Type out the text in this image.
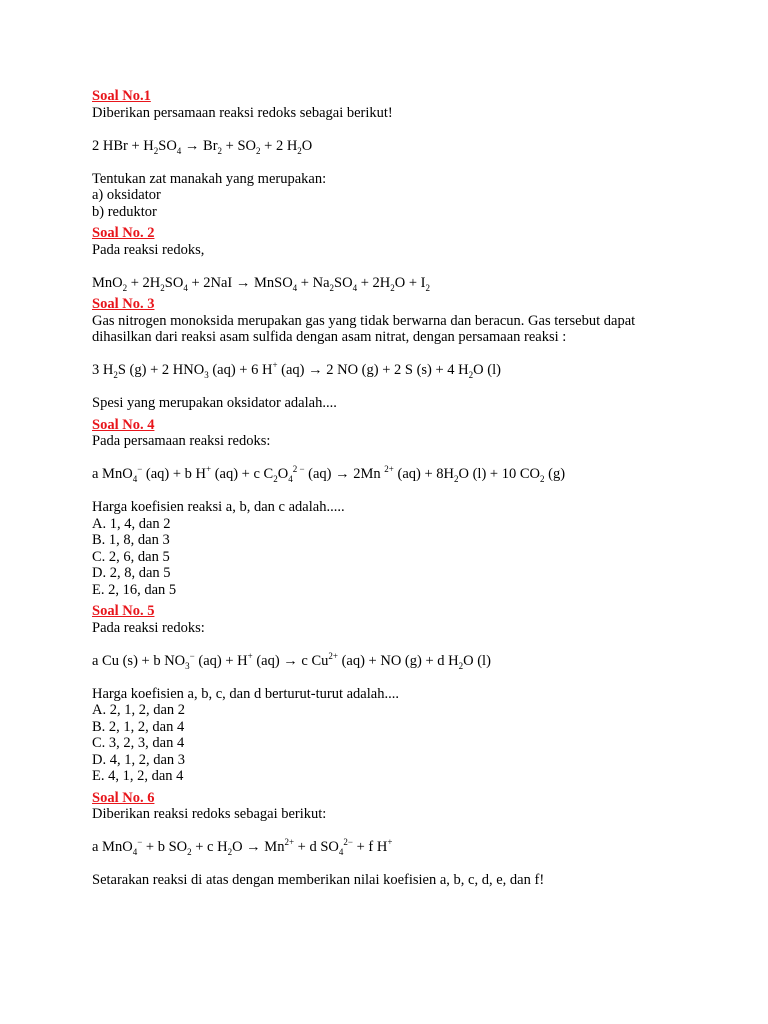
Soal No.1
Diberikan persamaan reaksi redoks sebagai berikut!
2 HBr + $H_2SO_4 \to Br_2 + SO_2 + 2$ $H_2O$
Tentukan zat manakah yang merupakan:
a) oksidator
b) reduktor
Soal No. 2
Pada reaksi redoks,
$MnO_2 + 2H_2SO_4 + 2NaI$ → MnSO$_4$ + $Na_2SO_4 + 2H_2O + I_2$
Soal No. 3
Gas nitrogen monoksida merupakan gas yang tidak berwarna dan beracun. Gas tersebut dapat dihasilkan dari reaksi asam sulfida dengan asam nitrat, dengan persamaan reaksi :
3 $H_2S$ (g) + 2 $HNO_3$ (aq) + 6 H+ (aq) → 2 NO (g) + 2 S (s) + 4 $H_2O$ (l)
Spesi yang merupakan oksidator adalah....
Soal No. 4
Pada persamaan reaksi redoks:
a MnO$_4$− (aq) + b H+ (aq) + c $C_2O_4^{2 -}$ (aq) → 2Mn $^{2+}$ $(aq) + 8H_2O$ (l) + 10 $CO_2$ (g)
Harga koefisien reaksi a, b, dan c adalah.....
A. 1, 4, dan 2
B. 1, 8, dan 3
C. 2, 6, dan 5
D. 2, 8, dan 5
E. 2, 16, dan 5
Soal No. 5
Pada reaksi redoks:
a Cu (s) + b $NO_3^-$ (aq) + H+ (aq) → c $Cu^{2+}$ (aq) + NO (g) + d $H_2O$ (l)
Harga koefisien a, b, c, dan d berturut-turut adalah....
A. 2, 1, 2, dan 2
B. 2, 1, 2, dan 4
C. 3, 2, 3, dan 4
D. 4, 1, 2, dan 3
E. 4, 1, 2, dan 4
Soal No. 6
Diberikan reaksi redoks sebagai berikut:
a MnO$_4$− + b $SO_2 + c$ $H_2O \to Mn^{2+} + d$ $SO_4^{2-} + f$ H+
Setarakan reaksi di atas dengan memberikan nilai koefisien a, b, c, d, e, dan f!
